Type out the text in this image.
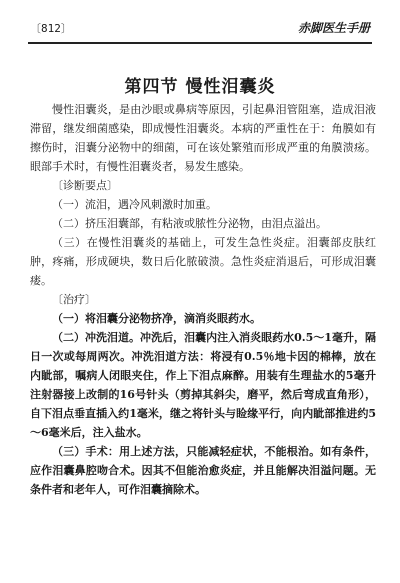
〔812〕	赤脚医生手册
第四节 慢性泪囊炎

慢性泪囊炎，是由沙眼或鼻病等原因，引起鼻泪管阻塞，造成泪液滞留，继发细菌感染，即成慢性泪囊炎。本病的严重性在于：角膜如有擦伤时，泪囊分泌物中的细菌，可在该处繁殖而形成严重的角膜溃疡。眼部手术时，有慢性泪囊炎者，易发生感染。

〔诊断要点〕

（一）流泪，遇冷风刺激时加重。

（二）挤压泪囊部，有粘液或脓性分泌物，由泪点溢出。

（三）在慢性泪囊炎的基础上，可发生急性炎症。泪囊部皮肤红肿，疼痛，形成硬块，数日后化脓破溃。急性炎症消退后，可形成泪囊瘘。

〔治疗〕

（一）将泪囊分泌物挤净，滴消炎眼药水。

（二）冲洗泪道。冲洗后，泪囊内注入消炎眼药水0.5～1毫升，隔日一次或每周两次。冲洗泪道方法：将浸有0.5％地卡因的棉棒，放在内眦部，嘱病人闭眼夹住，作上下泪点麻醉。用装有生理盐水的5毫升注射器接上改制的16号针头（剪掉其斜尖，磨平，然后弯成直角形），自下泪点垂直插入约1毫米，继之将针头与睑缘平行，向内眦部推进约5～6毫米后，注入盐水。

（三）手术：用上述方法，只能减轻症状，不能根治。如有条件，应作泪囊鼻腔吻合术。因其不但能治愈炎症，并且能解决泪溢问题。无条件者和老年人，可作泪囊摘除术。
